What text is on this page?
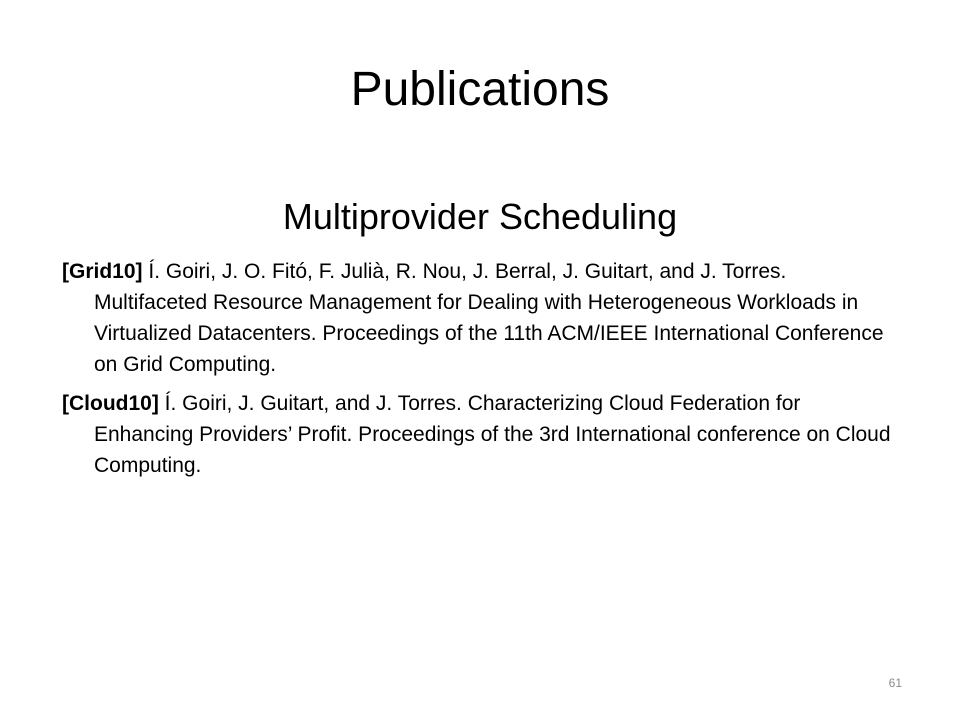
Publications
Multiprovider Scheduling
[Grid10] Í. Goiri, J. O. Fitó, F. Julià, R. Nou, J. Berral, J. Guitart, and J. Torres. Multifaceted Resource Management for Dealing with Heterogeneous Workloads in Virtualized Datacenters. Proceedings of the 11th ACM/IEEE International Conference on Grid Computing.
[Cloud10] Í. Goiri, J. Guitart, and J. Torres. Characterizing Cloud Federation for Enhancing Providers’ Profit. Proceedings of the 3rd International conference on Cloud Computing.
61
